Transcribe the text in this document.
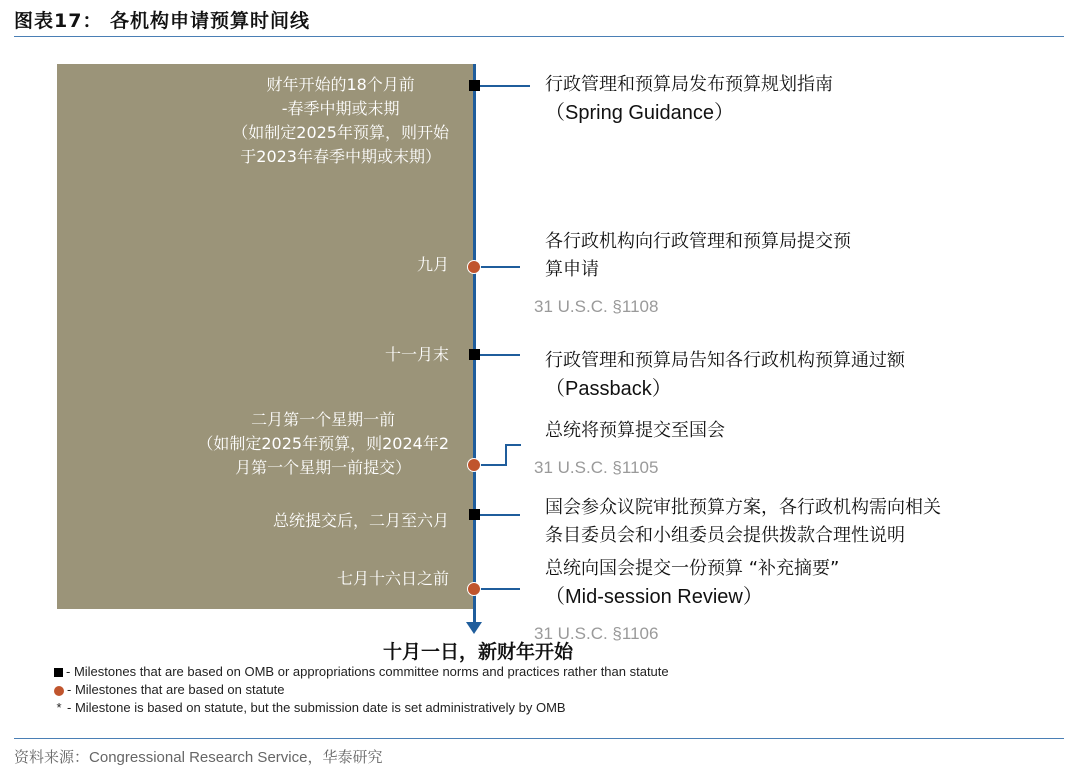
图表17： 各机构申请预算时间线
财年开始的18个月前
-春季中期或末期
（如制定2025年预算，则开始
于2023年春季中期或末期）
九月
十一月末
二月第一个星期一前
（如制定2025年预算，则2024年2
月第一个星期一前提交）
总统提交后，二月至六月
七月十六日之前
行政管理和预算局发布预算规划指南
（Spring Guidance）
各行政机构向行政管理和预算局提交预
算申请
31 U.S.C. §1108
行政管理和预算局告知各行政机构预算通过额
（Passback）
总统将预算提交至国会
31 U.S.C. §1105
国会参众议院审批预算方案，各行政机构需向相关
条目委员会和小组委员会提供拨款合理性说明
总统向国会提交一份预算 “补充摘要”
（Mid-session Review）
31 U.S.C. §1106
十月一日，新财年开始
- Milestones that are based on OMB or appropriations committee norms and practices rather than statute
- Milestones that are based on statute
* - Milestone is based on statute, but the submission date is set administratively by OMB
资料来源：Congressional Research Service，华泰研究
